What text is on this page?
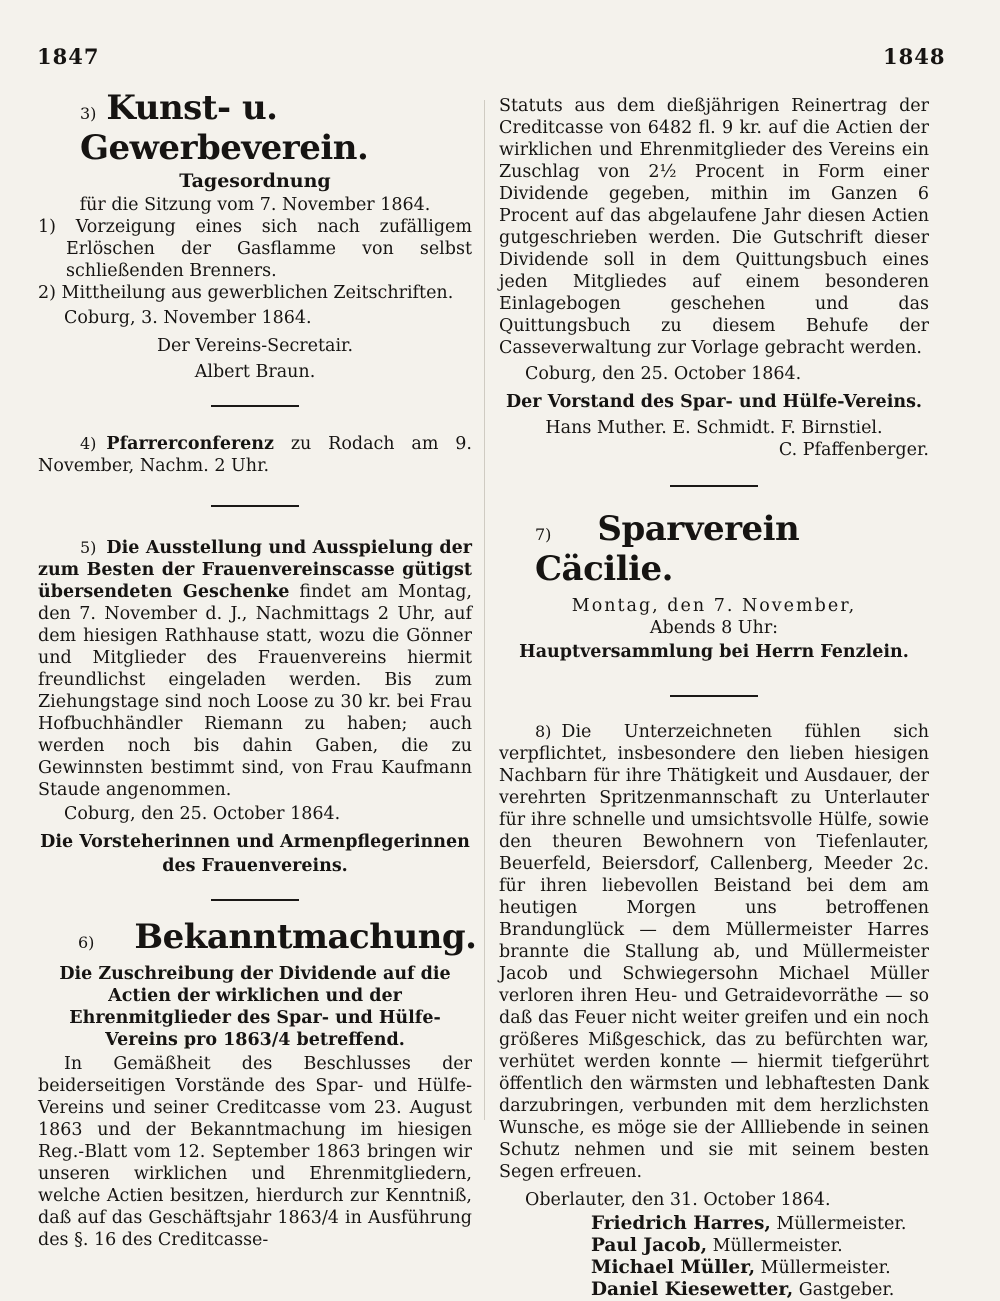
1847	1848
3) Kunst- u. Gewerbeverein.
Tagesordnung
für die Sitzung vom 7. November 1864.
1) Vorzeigung eines sich nach zufälligem Erlöschen der Gasflamme von selbst schließenden Brenners.
2) Mittheilung aus gewerblichen Zeitschriften.
Coburg, 3. November 1864.
Der Vereins-Secretair.
Albert Braun.
4) Pfarrerconferenz zu Rodach am 9. November, Nachm. 2 Uhr.
5) Die Ausstellung und Ausspielung der zum Besten der Frauenvereinscasse gütigst übersendeten Geschenke findet am Montag, den 7. November d. J., Nachmittags 2 Uhr, auf dem hiesigen Rathhause statt, wozu die Gönner und Mitglieder des Frauenvereins hiermit freundlichst eingeladen werden. Bis zum Ziehungstage sind noch Loose zu 30 kr. bei Frau Hofbuchhändler Riemann zu haben; auch werden noch bis dahin Gaben, die zu Gewinnsten bestimmt sind, von Frau Kaufmann Staude angenommen.
Coburg, den 25. October 1864.
Die Vorsteherinnen und Armenpflegerinnen
des Frauenvereins.
6) Bekanntmachung.
Die Zuschreibung der Dividende auf die Actien der wirklichen und der Ehrenmitglieder des Spar- und Hülfe-Vereins pro 1863/4 betreffend.
In Gemäßheit des Beschlusses der beiderseitigen Vorstände des Spar- und Hülfe-Vereins und seiner Creditcasse vom 23. August 1863 und der Bekanntmachung im hiesigen Reg.-Blatt vom 12. September 1863 bringen wir unseren wirklichen und Ehrenmitgliedern, welche Actien besitzen, hierdurch zur Kenntniß, daß auf das Geschäftsjahr 1863/4 in Ausführung des §. 16 des Creditcasse-
Statuts aus dem dießjährigen Reinertrag der Creditcasse von 6482 fl. 9 kr. auf die Actien der wirklichen und Ehrenmitglieder des Vereins ein Zuschlag von 2½ Procent in Form einer Dividende gegeben, mithin im Ganzen 6 Procent auf das abgelaufene Jahr diesen Actien gutgeschrieben werden. Die Gutschrift dieser Dividende soll in dem Quittungsbuch eines jeden Mitgliedes auf einem besonderen Einlagebogen geschehen und das Quittungsbuch zu diesem Behufe der Casseverwaltung zur Vorlage gebracht werden.
Coburg, den 25. October 1864.
Der Vorstand des Spar- und Hülfe-Vereins.
Hans Muther. E. Schmidt. F. Birnstiel.
C. Pfaffenberger.
7) Sparverein Cäcilie.
Montag, den 7. November,
Abends 8 Uhr:
Hauptversammlung bei Herrn Fenzlein.
8) Die Unterzeichneten fühlen sich verpflichtet, insbesondere den lieben hiesigen Nachbarn für ihre Thätigkeit und Ausdauer, der verehrten Spritzenmannschaft zu Unterlauter für ihre schnelle und umsichtsvolle Hülfe, sowie den theuren Bewohnern von Tiefenlauter, Beuerfeld, Beiersdorf, Callenberg, Meeder 2c. für ihren liebevollen Beistand bei dem am heutigen Morgen uns betroffenen Brandunglück — dem Müllermeister Harres brannte die Stallung ab, und Müllermeister Jacob und Schwiegersohn Michael Müller verloren ihren Heu- und Getraidevorräthe — so daß das Feuer nicht weiter greifen und ein noch größeres Mißgeschick, das zu befürchten war, verhütet werden konnte — hiermit tiefgerührt öffentlich den wärmsten und lebhaftesten Dank darzubringen, verbunden mit dem herzlichsten Wunsche, es möge sie der Allliebende in seinen Schutz nehmen und sie mit seinem besten Segen erfreuen.
Oberlauter, den 31. October 1864.
Friedrich Harres, Müllermeister.
Paul Jacob, Müllermeister.
Michael Müller, Müllermeister.
Daniel Kiesewetter, Gastgeber.
